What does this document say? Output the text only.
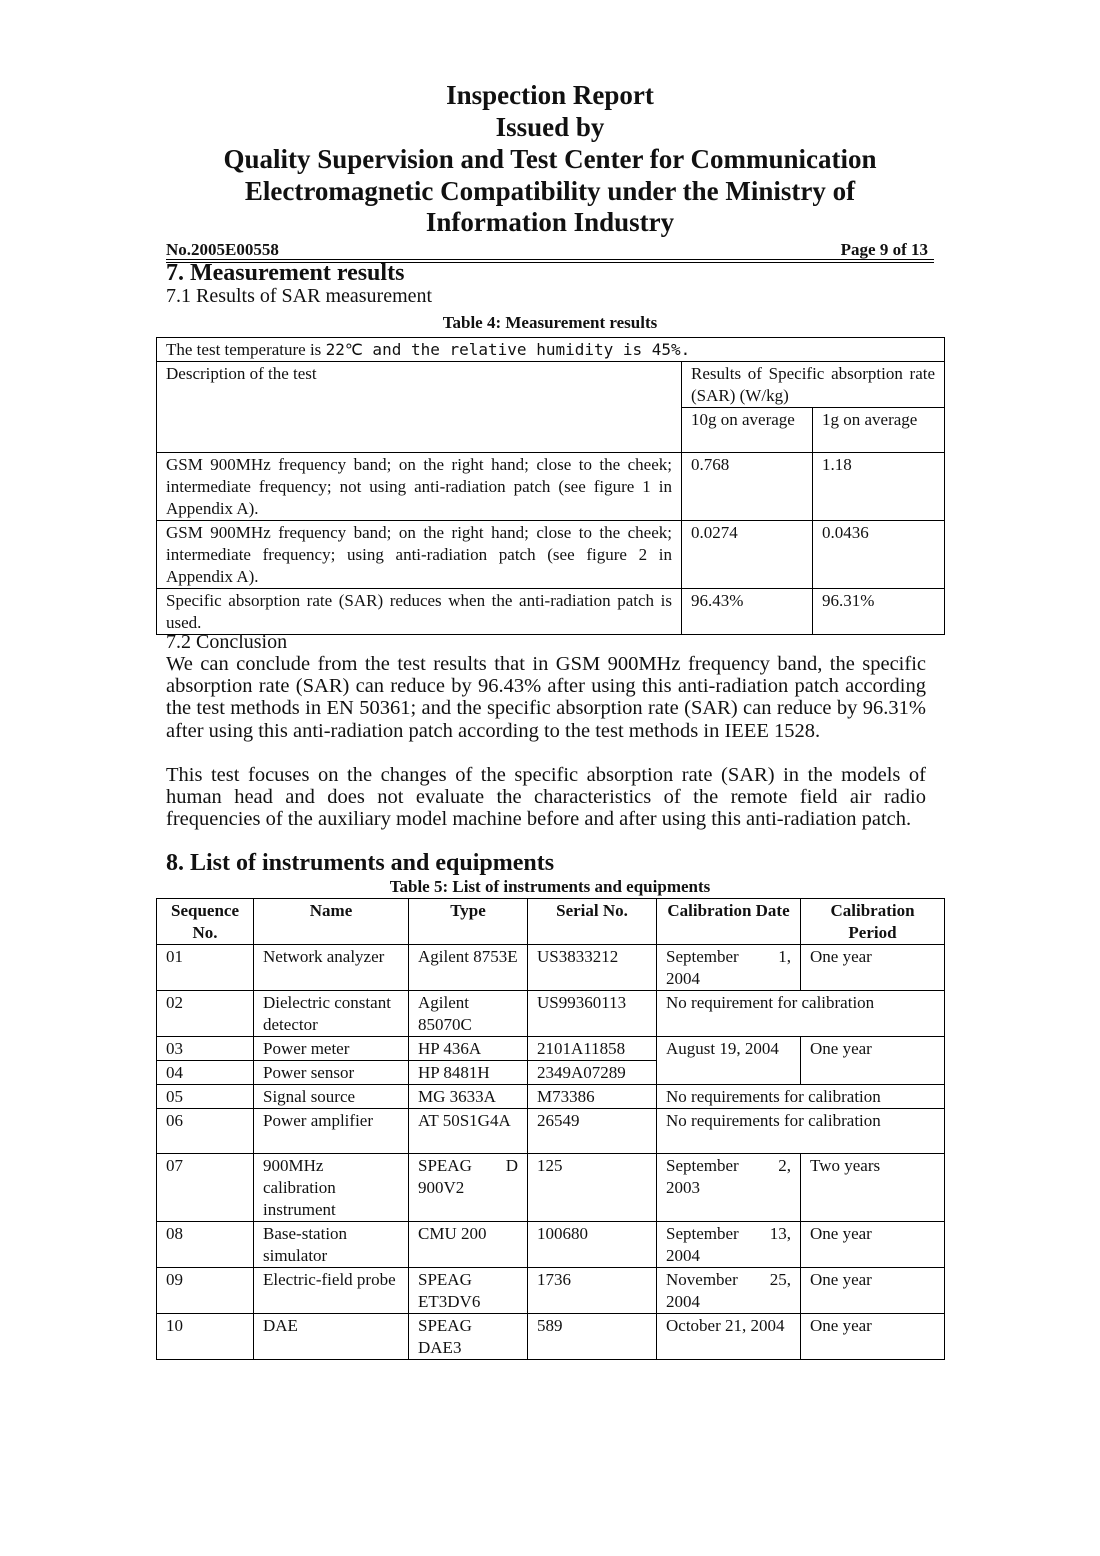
Inspection Report
Issued by
Quality Supervision and Test Center for Communication
Electromagnetic Compatibility under the Ministry of
Information Industry
No.2005E00558	Page 9 of 13
7. Measurement results
7.1 Results of SAR measurement
Table 4: Measurement results
The test temperature is 22℃ and the relative humidity is 45%.		
Description of the test	Results of Specific absorption rate (SAR) (W/kg)	
	10g on average	1g on average
GSM 900MHz frequency band; on the right hand; close to the cheek; intermediate frequency; not using anti-radiation patch (see figure 1 in Appendix A).	0.768	1.18
GSM 900MHz frequency band; on the right hand; close to the cheek; intermediate frequency; using anti-radiation patch (see figure 2 in Appendix A).	0.0274	0.0436
Specific absorption rate (SAR) reduces when the anti-radiation patch is used.	96.43%	96.31%
7.2 Conclusion
We can conclude from the test results that in GSM 900MHz frequency band, the specific absorption rate (SAR) can reduce by 96.43% after using this anti-radiation patch according the test methods in EN 50361; and the specific absorption rate (SAR) can reduce by 96.31% after using this anti-radiation patch according to the test methods in IEEE 1528.
This test focuses on the changes of the specific absorption rate (SAR) in the models of human head and does not evaluate the characteristics of the remote field air radio frequencies of the auxiliary model machine before and after using this anti-radiation patch.
8. List of instruments and equipments
Table 5: List of instruments and equipments
Sequence No.	Name	Type	Serial No.	Calibration Date	Calibration Period
01	Network analyzer	Agilent 8753E	US3833212	September 1, 2004	One year
02	Dielectric constant detector	Agilent 85070C	US99360113	No requirement for calibration	
03	Power meter	HP 436A	2101A11858	August 19, 2004	One year
04	Power sensor	HP 8481H	2349A07289		
05	Signal source	MG 3633A	M73386	No requirements for calibration	
06	Power amplifier	AT 50S1G4A	26549	No requirements for calibration	
07	900MHz calibration instrument	SPEAG D 900V2	125	September 2, 2003	Two years
08	Base-station simulator	CMU 200	100680	September 13, 2004	One year
09	Electric-field probe	SPEAG ET3DV6	1736	November 25, 2004	One year
10	DAE	SPEAG DAE3	589	October 21, 2004	One year
